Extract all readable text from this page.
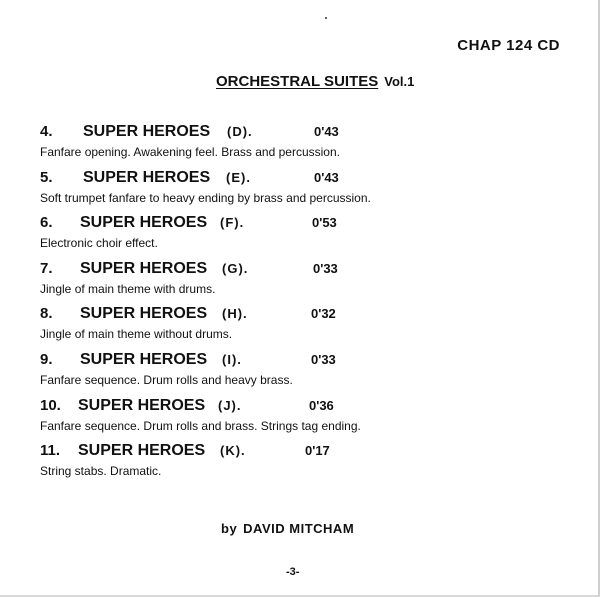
CHAP 124 CD
ORCHESTRAL SUITES Vol.1
4. SUPER HEROES (D).	0'43
Fanfare opening. Awakening feel. Brass and percussion.
5. SUPER HEROES (E).	0'43
Soft trumpet fanfare to heavy ending by brass and percussion.
6. SUPER HEROES (F).	0'53
Electronic choir effect.
7. SUPER HEROES (G).	0'33
Jingle of main theme with drums.
8. SUPER HEROES (H).	0'32
Jingle of main theme without drums.
9. SUPER HEROES (I).	0'33
Fanfare sequence. Drum rolls and heavy brass.
10. SUPER HEROES (J).	0'36
Fanfare sequence. Drum rolls and brass. Strings tag ending.
11. SUPER HEROES (K).	0'17
String stabs. Dramatic.
by DAVID MITCHAM
-3-
